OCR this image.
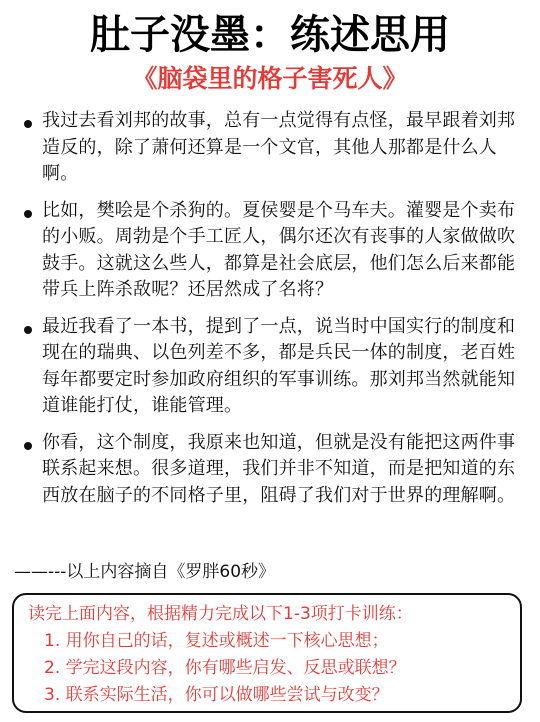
肚子没墨：练述思用
《脑袋里的格子害死人》
我过去看刘邦的故事，总有一点觉得有点怪，最早跟着刘邦造反的，除了萧何还算是一个文官，其他人那都是什么人啊。
比如，樊哙是个杀狗的。夏侯婴是个马车夫。灌婴是个卖布的小贩。周勃是个手工匠人，偶尔还次有丧事的人家做做吹鼓手。这就这么些人，都算是社会底层，他们怎么后来都能带兵上阵杀敌呢？还居然成了名将？
最近我看了一本书，提到了一点，说当时中国实行的制度和现在的瑞典、以色列差不多，都是兵民一体的制度，老百姓每年都要定时参加政府组织的军事训练。那刘邦当然就能知道谁能打仗，谁能管理。
你看，这个制度，我原来也知道，但就是没有能把这两件事联系起来想。很多道理，我们并非不知道，而是把知道的东西放在脑子的不同格子里，阻碍了我们对于世界的理解啊。
——---以上内容摘自《罗胖60秒》
读完上面内容，根据精力完成以下1-3项打卡训练：
1. 用你自己的话，复述或概述一下核心思想；
2. 学完这段内容，你有哪些启发、反思或联想？
3. 联系实际生活，你可以做哪些尝试与改变？
